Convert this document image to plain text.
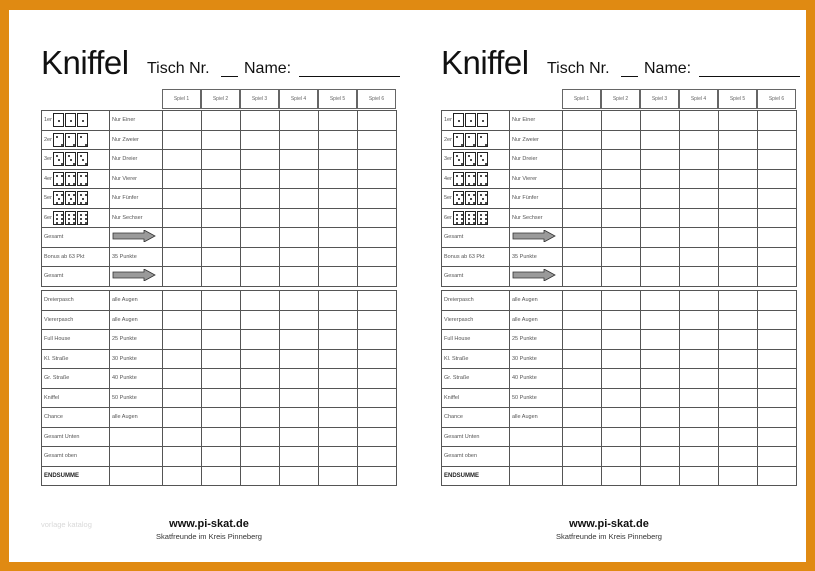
Kniffel Tisch Nr. Name:
Spiel 1	Spiel 2	Spiel 3	Spiel 4	Spiel 5	Spiel 6
1er	Nur Einer						

2er	Nur Zweier						

3er	Nur Dreier						

4er	Nur Vierer						

5er	Nur Fünfer						

6er	Nur Sechser						
Gesamt							
Bonus ab 63 Pkt	35 Punkte						
Gesamt							
Dreierpasch	alle Augen						
Viererpasch	alle Augen						
Full House	25 Punkte						
Kl. Straße	30 Punkte						
Gr. Straße	40 Punkte						
Kniffel	50 Punkte						
Chance	alle Augen						
Gesamt Unten							
Gesamt oben							
ENDSUMME							
www.pi-skat.de
Skatfreunde im Kreis Pinneberg
Kniffel Tisch Nr. Name:
Spiel 1	Spiel 2	Spiel 3	Spiel 4	Spiel 5	Spiel 6
1er	Nur Einer						

2er	Nur Zweier						

3er	Nur Dreier						

4er	Nur Vierer						

5er	Nur Fünfer						

6er	Nur Sechser						
Gesamt							
Bonus ab 63 Pkt	35 Punkte						
Gesamt							
Dreierpasch	alle Augen						
Viererpasch	alle Augen						
Full House	25 Punkte						
Kl. Straße	30 Punkte						
Gr. Straße	40 Punkte						
Kniffel	50 Punkte						
Chance	alle Augen						
Gesamt Unten							
Gesamt oben							
ENDSUMME							
www.pi-skat.de
Skatfreunde im Kreis Pinneberg
vorlage katalog
